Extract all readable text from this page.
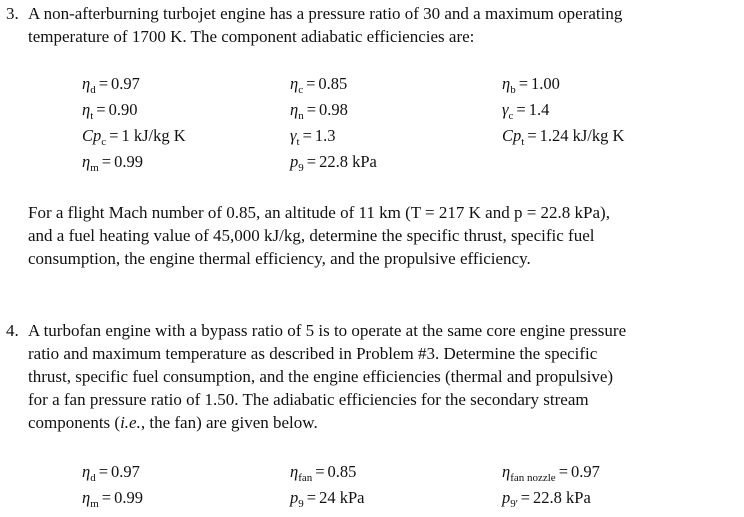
3. A non-afterburning turbojet engine has a pressure ratio of 30 and a maximum operating
temperature of 1700 K. The component adiabatic efficiencies are:
$\eta_d = 0.97$	$\eta_c = 0.85$	$\eta_b = 1.00$
$\eta_t = 0.90$	$\eta_n = 0.98$	$\gamma_c = 1.4$
$Cp_c = 1$ kJ/kg K	$\gamma_t = 1.3$	$Cp_t = 1.24$ kJ/kg K
$\eta_m = 0.99$	$p_9 = 22.8$ kPa
For a flight Mach number of 0.85, an altitude of 11 km (T = 217 K and p = 22.8 kPa),
and a fuel heating value of 45,000 kJ/kg, determine the specific thrust, specific fuel
consumption, the engine thermal efficiency, and the propulsive efficiency.
4. A turbofan engine with a bypass ratio of 5 is to operate at the same core engine pressure
ratio and maximum temperature as described in Problem #3. Determine the specific
thrust, specific fuel consumption, and the engine efficiencies (thermal and propulsive)
for a fan pressure ratio of 1.50. The adiabatic efficiencies for the secondary stream
components (i.e., the fan) are given below.
$\eta_d = 0.97$	$\eta_{fan} = 0.85$	$\eta_{fan nozzle} = 0.97$
$\eta_m = 0.99$	$p_9 = 24$ kPa	$p_{9'} = 22.8$ kPa
